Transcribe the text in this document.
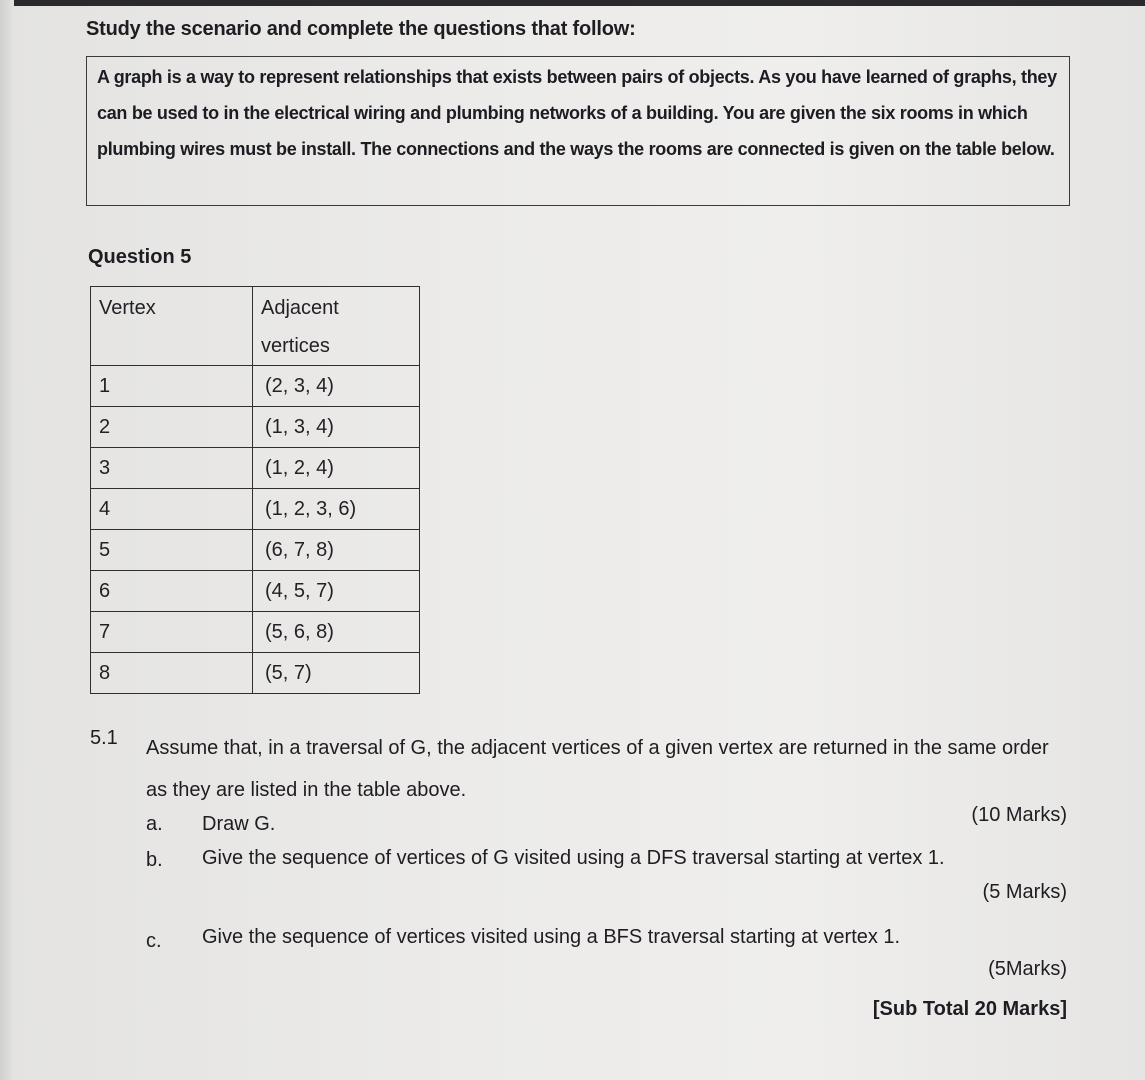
Study the scenario and complete the questions that follow:
A graph is a way to represent relationships that exists between pairs of objects. As you have learned of graphs, they can be used to in the electrical wiring and plumbing networks of a building. You are given the six rooms in which plumbing wires must be install. The connections and the ways the rooms are connected is given on the table below.
Question 5
Vertex	Adjacent vertices
1	(2, 3, 4)
2	(1, 3, 4)
3	(1, 2, 4)
4	(1, 2, 3, 6)
5	(6, 7, 8)
6	(4, 5, 7)
7	(5, 6, 8)
8	(5, 7)
5.1 Assume that, in a traversal of G, the adjacent vertices of a given vertex are returned in the same order as they are listed in the table above.
a. Draw G.	(10 Marks)
b. Give the sequence of vertices of G visited using a DFS traversal starting at vertex 1.
(5 Marks)
c. Give the sequence of vertices visited using a BFS traversal starting at vertex 1.
(5Marks)
[Sub Total 20 Marks]
